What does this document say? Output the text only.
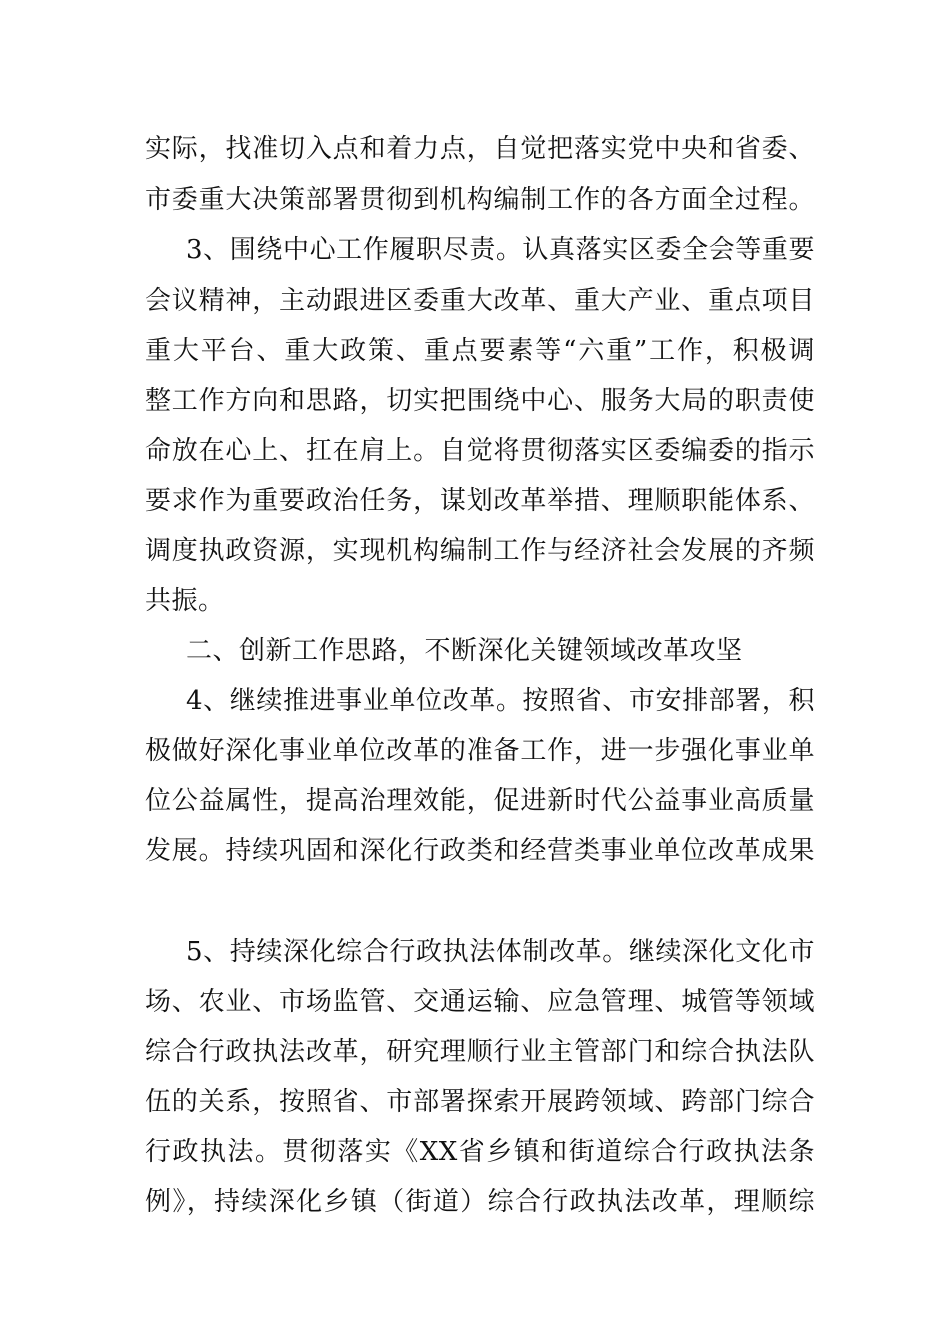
实际，找准切入点和着力点，自觉把落实党中央和省委、
市委重大决策部署贯彻到机构编制工作的各方面全过程。
3、围绕中心工作履职尽责。认真落实区委全会等重要
会议精神，主动跟进区委重大改革、重大产业、重点项目
重大平台、重大政策、重点要素等“六重”工作，积极调
整工作方向和思路，切实把围绕中心、服务大局的职责使
命放在心上、扛在肩上。自觉将贯彻落实区委编委的指示
要求作为重要政治任务，谋划改革举措、理顺职能体系、
调度执政资源，实现机构编制工作与经济社会发展的齐频
共振。
二、创新工作思路，不断深化关键领域改革攻坚
4、继续推进事业单位改革。按照省、市安排部署，积
极做好深化事业单位改革的准备工作，进一步强化事业单
位公益属性，提高治理效能，促进新时代公益事业高质量
发展。持续巩固和深化行政类和经营类事业单位改革成果
5、持续深化综合行政执法体制改革。继续深化文化市
场、农业、市场监管、交通运输、应急管理、城管等领域
综合行政执法改革，研究理顺行业主管部门和综合执法队
伍的关系，按照省、市部署探索开展跨领域、跨部门综合
行政执法。贯彻落实《XX省乡镇和街道综合行政执法条
例》，持续深化乡镇（街道）综合行政执法改革，理顺综
